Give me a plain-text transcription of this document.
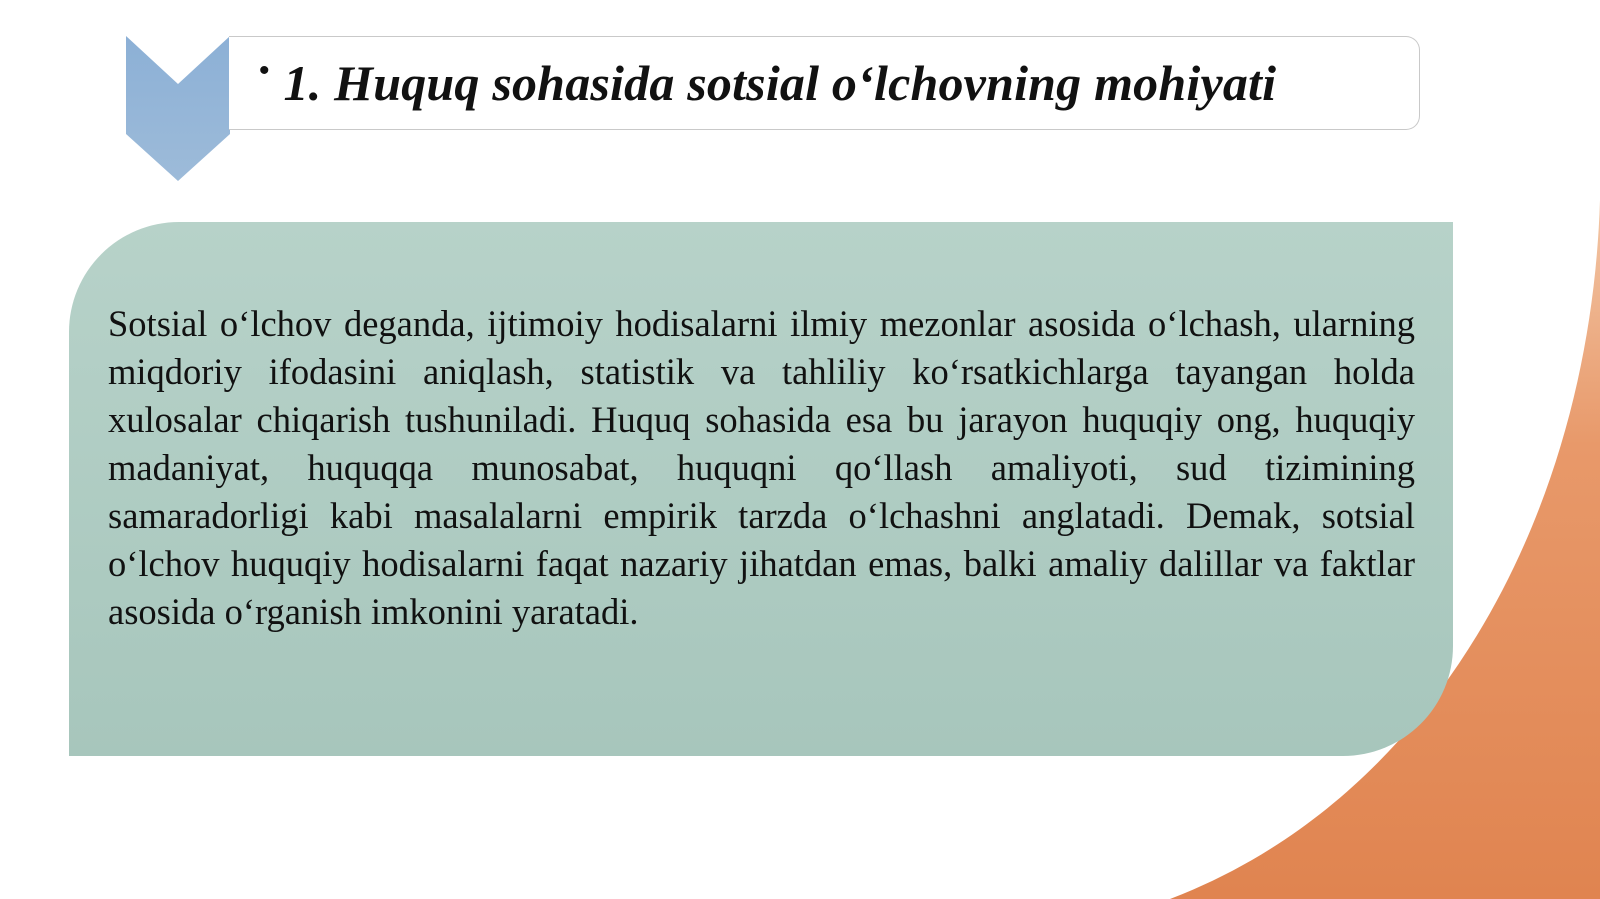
• 1. Huquq sohasida sotsial o‘lchovning mohiyati

Sotsial o‘lchov deganda, ijtimoiy hodisalarni ilmiy mezonlar asosida o‘lchash, ularning miqdoriy ifodasini aniqlash, statistik va tahliliy ko‘rsatkichlarga tayangan holda xulosalar chiqarish tushuniladi. Huquq sohasida esa bu jarayon huquqiy ong, huquqiy madaniyat, huquqqa munosabat, huquqni qo‘llash amaliyoti, sud tizimining samaradorligi kabi masalalarni empirik tarzda o‘lchashni anglatadi. Demak, sotsial o‘lchov huquqiy hodisalarni faqat nazariy jihatdan emas, balki amaliy dalillar va faktlar asosida o‘rganish imkonini yaratadi.
